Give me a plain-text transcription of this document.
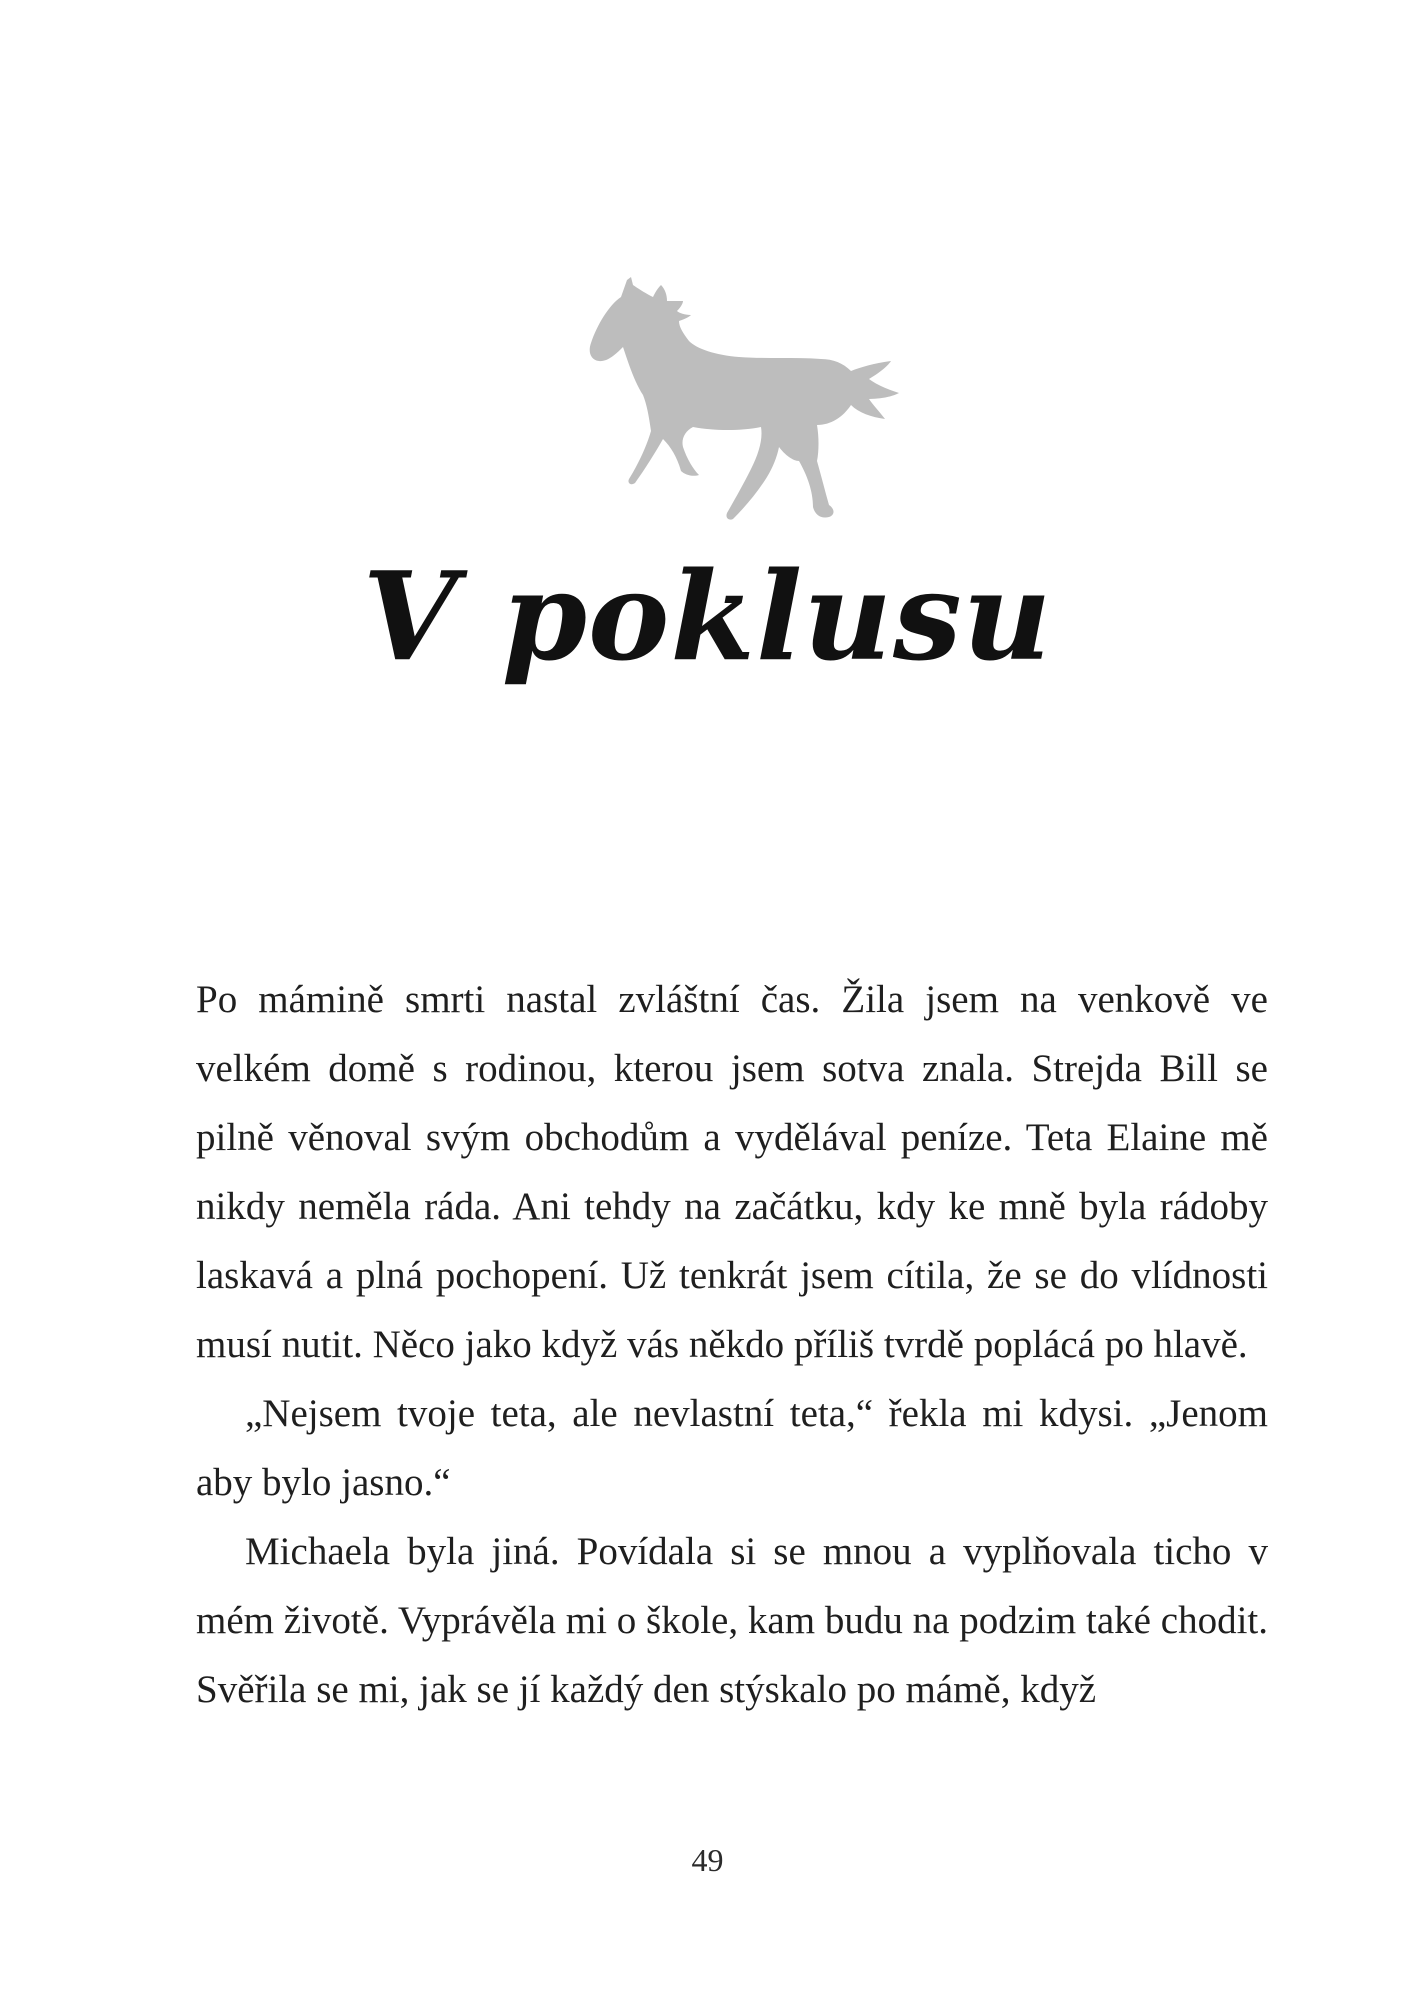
V poklusu

Po mámině smrti nastal zvláštní čas. Žila jsem na venkově ve velkém domě s rodinou, kterou jsem sotva znala. Strejda Bill se pilně věnoval svým obchodům a vydělával peníze. Teta Elaine mě nikdy neměla ráda. Ani tehdy na začátku, kdy ke mně byla rádoby laskavá a plná pochopení. Už tenkrát jsem cítila, že se do vlídnosti musí nutit. Něco jako když vás někdo příliš tvrdě poplácá po hlavě.

„Nejsem tvoje teta, ale nevlastní teta,“ řekla mi kdysi. „Jenom aby bylo jasno.“

Michaela byla jiná. Povídala si se mnou a vyplňovala ticho v mém životě. Vyprávěla mi o škole, kam budu na podzim také chodit. Svěřila se mi, jak se jí každý den stýskalo po mámě, když

49
